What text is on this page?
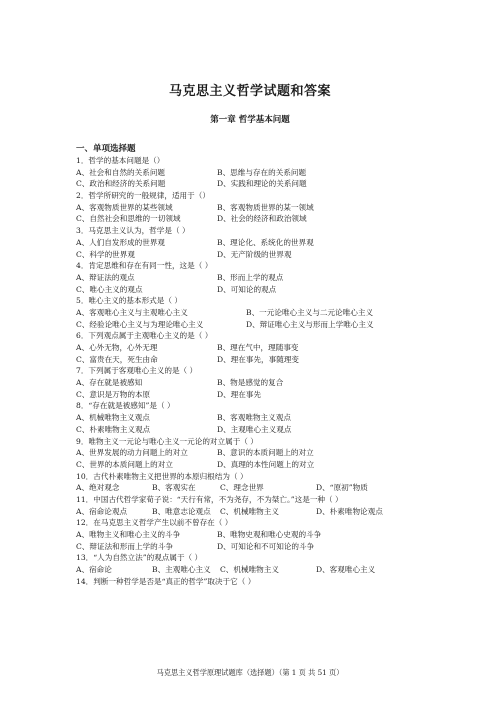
马克思主义哲学试题和答案
第一章 哲学基本问题
一、单项选择题
1．哲学的基本问题是（）
A、社会和自然的关系问题	B、思维与存在的关系问题
C、政治和经济的关系问题	D、实践和理论的关系问题
2．哲学所研究的一般规律，适用于（）
A、客观物质世界的某些领域	B、客观物质世界的某一领域
C、自然社会和思维的一切领域	D、社会的经济和政治领域
3．马克思主义认为，哲学是（ ）
A、人们自发形成的世界观	B、理论化、系统化的世界观
C、科学的世界观	D、无产阶级的世界观
4．肯定思维和存在有同一性，这是（ ）
A、辩证法的观点	B、形而上学的观点
C、唯心主义的观点	D、可知论的观点
5．唯心主义的基本形式是（ ）
A、客观唯心主义与主观唯心主义	B、一元论唯心主义与二元论唯心主义
C、经验论唯心主义与为理论唯心主义	D、辩证唯心主义与形而上学唯心主义
6．下列观点属于主观唯心主义的是（ ）
A、心外无物，心外无理	B、理在气中，理随事变
C、富贵在天，死生由命	D、理在事先，事随理变
7．下列属于客观唯心主义的是（ ）
A、存在就是被感知	B、物是感觉的复合
C、意识是万物的本原	D、理在事先
8．“存在就是被感知”是（ ）
A、机械唯物主义观点	B、客观唯物主义观点
C、朴素唯物主义观点	D、主观唯心主义观点
9．唯物主义一元论与唯心主义一元论的对立属于（ ）
A、世界发展的动力问题上的对立	B、意识的本质问题上的对立
C、世界的本质问题上的对立	D、真理的本性问题上的对立
10．古代朴素唯物主义把世界的本原归根结为（ ）
A、绝对观念	B、客观实在	C、理念世界	D、“原初”物质
11．中国古代哲学家荀子说：“天行有常，不为尧存，不为桀亡。”这是一种（ ）
A、宿命论观点	B、唯意志论观点 C、机械唯物主义	D、朴素唯物论观点
12．在马克思主义哲学产生以前不曾存在（ ）
A、唯物主义和唯心主义的斗争	B、唯物史观和唯心史观的斗争
C、辩证法和形而上学的斗争	D、可知论和不可知论的斗争
13．“人为自然立法”的观点属于（ ）
A、宿命论	B、主观唯心主义 C、机械唯物主义	D、客观唯心主义
14．判断一种哲学是否是“真正的哲学”取决于它（ ）
马克思主义哲学原理试题库（选择题）（第 1 页 共 51 页）
